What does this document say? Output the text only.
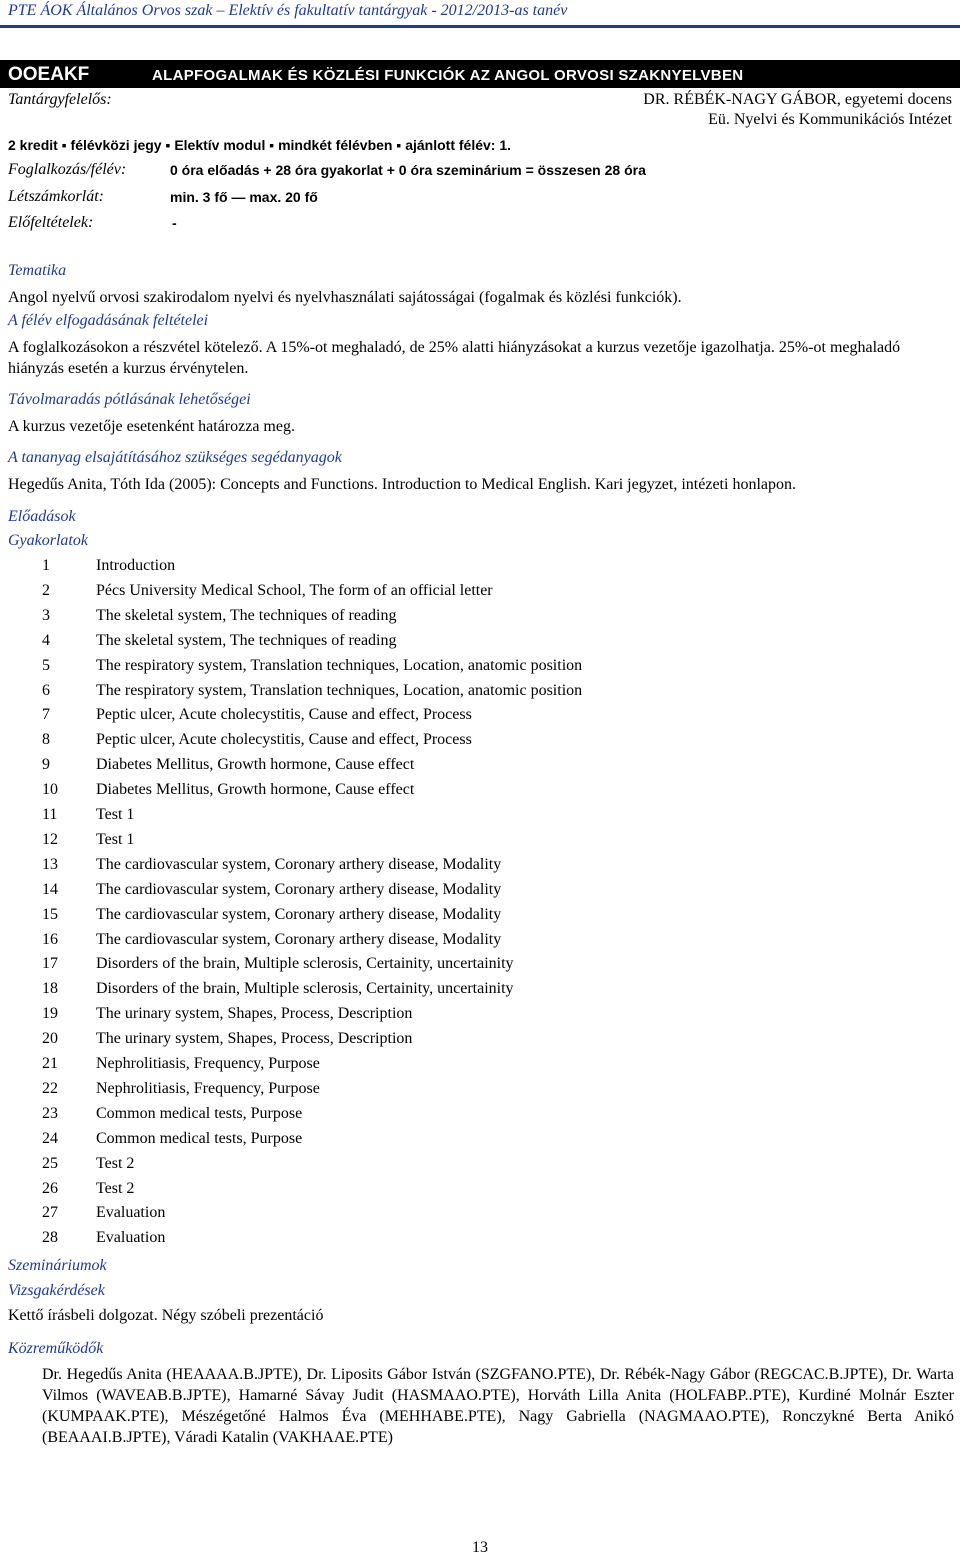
PTE ÁOK Általános Orvos szak – Elektív és fakultatív tantárgyak - 2012/2013-as tanév
OOEAKF	ALAPFOGALMAK ÉS KÖZLÉSI FUNKCIÓK AZ ANGOL ORVOSI SZAKNYELVBEN
Tantárgyfelelős:	DR. RÉBÉK-NAGY GÁBOR, egyetemi docens
Eü. Nyelvi és Kommunikációs Intézet
2 kredit ▪ félévközi jegy ▪ Elektív modul ▪ mindkét félévben ▪ ajánlott félév: 1.
Foglalkozás/félév:	0 óra előadás + 28 óra gyakorlat + 0 óra szeminárium = összesen 28 óra
Létszámkorlát:	min. 3 fő — max. 20 fő
Előfeltételek:	-
Tematika
Angol nyelvű orvosi szakirodalom nyelvi és nyelvhasználati sajátosságai (fogalmak és közlési funkciók).
A félév elfogadásának feltételei
A foglalkozásokon a részvétel kötelező. A 15%-ot meghaladó, de 25% alatti hiányzásokat a kurzus vezetője igazolhatja. 25%-ot meghaladó hiányzás esetén a kurzus érvénytelen.
Távolmaradás pótlásának lehetőségei
A kurzus vezetője esetenként határozza meg.
A tananyag elsajátításához szükséges segédanyagok
Hegedűs Anita, Tóth Ida (2005): Concepts and Functions. Introduction to Medical English. Kari jegyzet, intézeti honlapon.
Előadások
Gyakorlatok
1	Introduction
2	Pécs University Medical School, The form of an official letter
3	The skeletal system, The techniques of reading
4	The skeletal system, The techniques of reading
5	The respiratory system, Translation techniques, Location, anatomic position
6	The respiratory system, Translation techniques, Location, anatomic position
7	Peptic ulcer, Acute cholecystitis, Cause and effect, Process
8	Peptic ulcer, Acute cholecystitis, Cause and effect, Process
9	Diabetes Mellitus, Growth hormone, Cause effect
10 Diabetes Mellitus, Growth hormone, Cause effect
11 Test 1
12 Test 1
13 The cardiovascular system, Coronary arthery disease, Modality
14 The cardiovascular system, Coronary arthery disease, Modality
15 The cardiovascular system, Coronary arthery disease, Modality
16 The cardiovascular system, Coronary arthery disease, Modality
17 Disorders of the brain, Multiple sclerosis, Certainity, uncertainity
18 Disorders of the brain, Multiple sclerosis, Certainity, uncertainity
19 The urinary system, Shapes, Process, Description
20 The urinary system, Shapes, Process, Description
21 Nephrolitiasis, Frequency, Purpose
22 Nephrolitiasis, Frequency, Purpose
23 Common medical tests, Purpose
24 Common medical tests, Purpose
25 Test 2
26 Test 2
27 Evaluation
28 Evaluation
Szemináriumok
Vizsgakérdések
Kettő írásbeli dolgozat. Négy szóbeli prezentáció
Közreműködők
Dr. Hegedűs Anita (HEAAAA.B.JPTE), Dr. Liposits Gábor István (SZGFANO.PTE), Dr. Rébék-Nagy Gábor (REGCAC.B.JPTE), Dr. Warta Vilmos (WAVEAB.B.JPTE), Hamarné Sávay Judit (HASMAAO.PTE), Horváth Lilla Anita (HOLFABP..PTE), Kurdiné Molnár Eszter (KUMPAAK.PTE), Mészégetőné Halmos Éva (MEHHABE.PTE), Nagy Gabriella (NAGMAAO.PTE), Ronczykné Berta Anikó (BEAAAI.B.JPTE), Váradi Katalin (VAKHAAE.PTE)
13
